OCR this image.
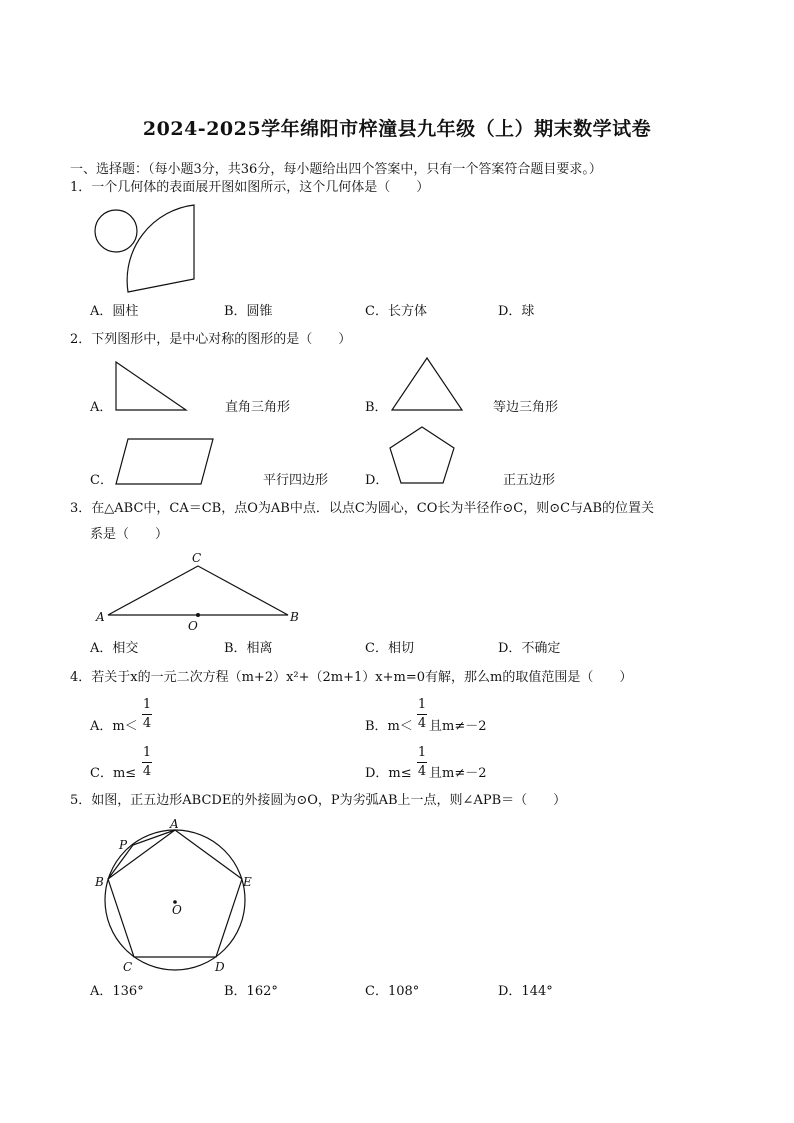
2024-2025学年绵阳市梓潼县九年级（上）期末数学试卷
一、选择题：（每小题3分，共36分，每小题给出四个答案中，只有一个答案符合题目要求。）
1．一个几何体的表面展开图如图所示，这个几何体是（　　）
A．圆柱	B．圆锥	C．长方体	D．球
2．下列图形中，是中心对称的图形的是（　　）
A．	直角三角形	B．	等边三角形
C．	平行四边形	D．	正五边形
3．在△ABC中，CA＝CB，点O为AB中点．以点C为圆心，CO长为半径作⊙C，则⊙C与AB的位置关
系是（　　）
C
A
O
B
A．相交	B．相离	C．相切	D．不确定
4．若关于x的一元二次方程（m+2）x²+（2m+1）x+m=0有解，那么m的取值范围是（　　）
A．m＜
1
4	B．m＜
1
4 且m≠－2
C．m≤
1
4	D．m≤
1
4 且m≠－2
5．如图，正五边形ABCDE的外接圆为⊙O，P为劣弧AB上一点，则∠APB＝（　　）
A
P
B	E
O
C	D
A．136°	B．162°	C．108°	D．144°
